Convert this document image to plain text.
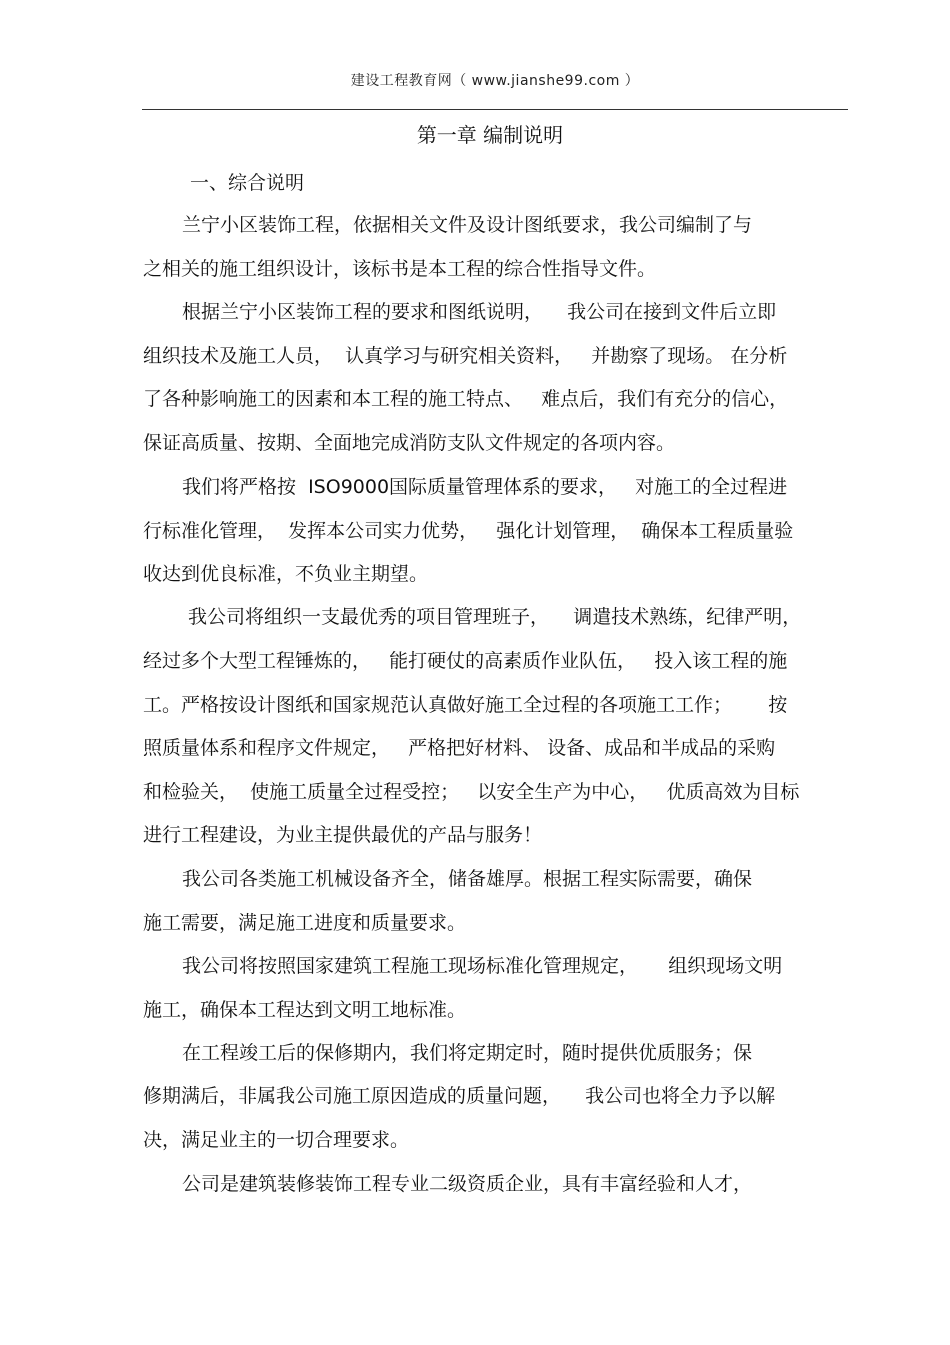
建设工程教育网（ www.jianshe99.com ）
第一章 编制说明
一、综合说明
兰宁小区装饰工程，依据相关文件及设计图纸要求，我公司编制了与
之相关的施工组织设计，该标书是本工程的综合性指导文件。
根据兰宁小区装饰工程的要求和图纸说明，    我公司在接到文件后立即
组织技术及施工人员，  认真学习与研究相关资料，   并勘察了现场。 在分析
了各种影响施工的因素和本工程的施工特点、   难点后，我们有充分的信心，
保证高质量、按期、全面地完成消防支队文件规定的各项内容。
我们将严格按  ISO9000国际质量管理体系的要求，   对施工的全过程进
行标准化管理，  发挥本公司实力优势，   强化计划管理，  确保本工程质量验
收达到优良标准，不负业主期望。
我公司将组织一支最优秀的项目管理班子，    调遣技术熟练，纪律严明，
经过多个大型工程锤炼的，   能打硬仗的高素质作业队伍，   投入该工程的施
工。严格按设计图纸和国家规范认真做好施工全过程的各项施工工作；      按
照质量体系和程序文件规定，   严格把好材料、 设备、成品和半成品的采购
和检验关，  使施工质量全过程受控；   以安全生产为中心，   优质高效为目标
进行工程建设，为业主提供最优的产品与服务！
我公司各类施工机械设备齐全，储备雄厚。根据工程实际需要，确保
施工需要，满足施工进度和质量要求。
我公司将按照国家建筑工程施工现场标准化管理规定，     组织现场文明
施工，确保本工程达到文明工地标准。
在工程竣工后的保修期内，我们将定期定时，随时提供优质服务；保
修期满后，非属我公司施工原因造成的质量问题，    我公司也将全力予以解
决，满足业主的一切合理要求。
公司是建筑装修装饰工程专业二级资质企业，具有丰富经验和人才，
